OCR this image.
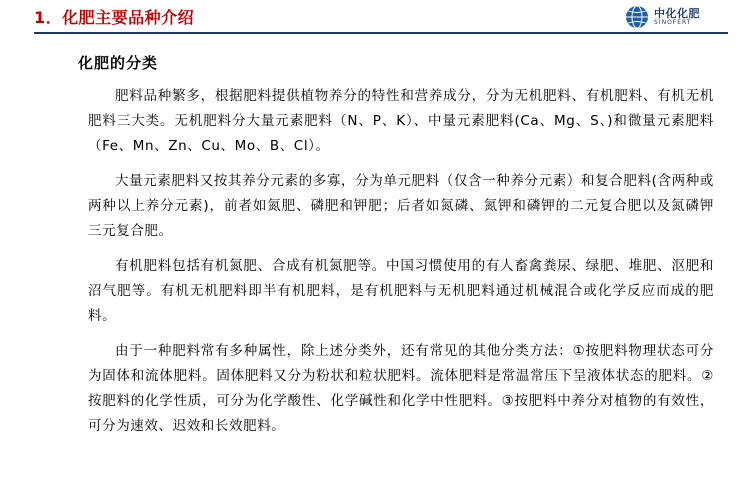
1．化肥主要品种介绍	中化化肥
SINOFERT
化肥的分类

肥料品种繁多，根据肥料提供植物养分的特性和营养成分，分为无机肥料、有机肥料、有机无机肥料三大类。无机肥料分大量元素肥料（N、P、K）、中量元素肥料(Ca、Mg、S、)和微量元素肥料（Fe、Mn、Zn、Cu、Mo、B、Cl）。

大量元素肥料又按其养分元素的多寡，分为单元肥料（仅含一种养分元素）和复合肥料(含两种或两种以上养分元素)，前者如氮肥、磷肥和钾肥；后者如氮磷、氮钾和磷钾的二元复合肥以及氮磷钾三元复合肥。

有机肥料包括有机氮肥、合成有机氮肥等。中国习惯使用的有人畜禽粪尿、绿肥、堆肥、沤肥和沼气肥等。有机无机肥料即半有机肥料，是有机肥料与无机肥料通过机械混合或化学反应而成的肥料。

由于一种肥料常有多种属性，除上述分类外，还有常见的其他分类方法：①按肥料物理状态可分为固体和流体肥料。固体肥料又分为粉状和粒状肥料。流体肥料是常温常压下呈液体状态的肥料。②按肥料的化学性质，可分为化学酸性、化学碱性和化学中性肥料。③按肥料中养分对植物的有效性，可分为速效、迟效和长效肥料。
